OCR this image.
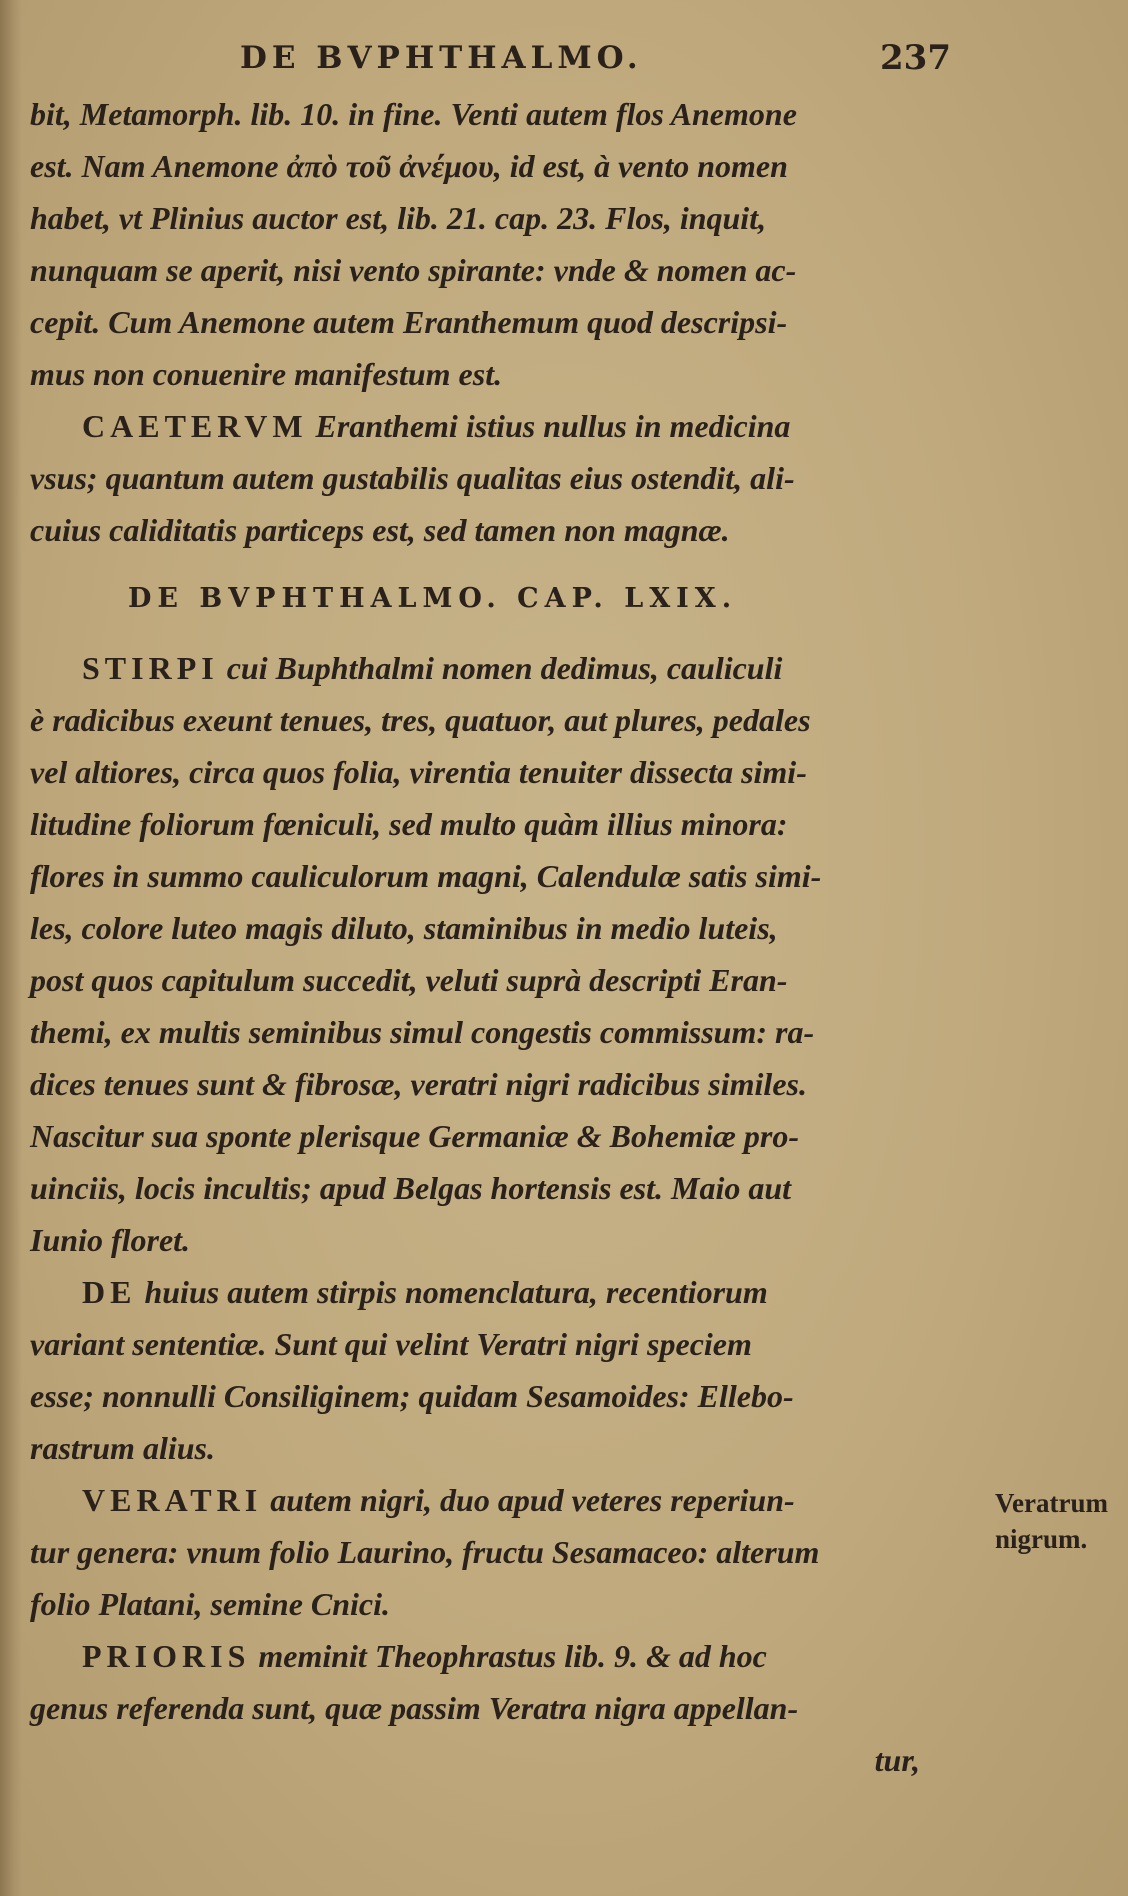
DE BVPHTHALMO.	237
bit, Metamorph. lib. 10. in fine. Venti autem flos Anemone
est. Nam Anemone ἀπὸ τοῦ ἀνέμου, id est, à vento nomen
habet, vt Plinius auctor est, lib. 21. cap. 23. Flos, inquit,
nunquam se aperit, nisi vento spirante: vnde & nomen ac-
cepit. Cum Anemone autem Eranthemum quod descripsi-
mus non conuenire manifestum est.
CAETERVM Eranthemi istius nullus in medicina
vsus; quantum autem gustabilis qualitas eius ostendit, ali-
cuius caliditatis particeps est, sed tamen non magnæ.
DE BVPHTHALMO. CAP. LXIX.
STIRPI cui Buphthalmi nomen dedimus, cauliculi
è radicibus exeunt tenues, tres, quatuor, aut plures, pedales
vel altiores, circa quos folia, virentia tenuiter dissecta simi-
litudine foliorum fœniculi, sed multo quàm illius minora:
flores in summo cauliculorum magni, Calendulæ satis simi-
les, colore luteo magis diluto, staminibus in medio luteis,
post quos capitulum succedit, veluti suprà descripti Eran-
themi, ex multis seminibus simul congestis commissum: ra-
dices tenues sunt & fibrosæ, veratri nigri radicibus similes.
Nascitur sua sponte plerisque Germaniæ & Bohemiæ pro-
uinciis, locis incultis; apud Belgas hortensis est. Maio aut
Iunio floret.
DE huius autem stirpis nomenclatura, recentiorum
variant sententiæ. Sunt qui velint Veratri nigri speciem
esse; nonnulli Consiliginem; quidam Sesamoides: Ellebo-
rastrum alius.
VERATRI autem nigri, duo apud veteres reperiun-
tur genera: vnum folio Laurino, fructu Sesamaceo: alterum
folio Platani, semine Cnici.
PRIORIS meminit Theophrastus lib. 9. & ad hoc
genus referenda sunt, quæ passim Veratra nigra appellan-
tur,
Veratrum
nigrum.
